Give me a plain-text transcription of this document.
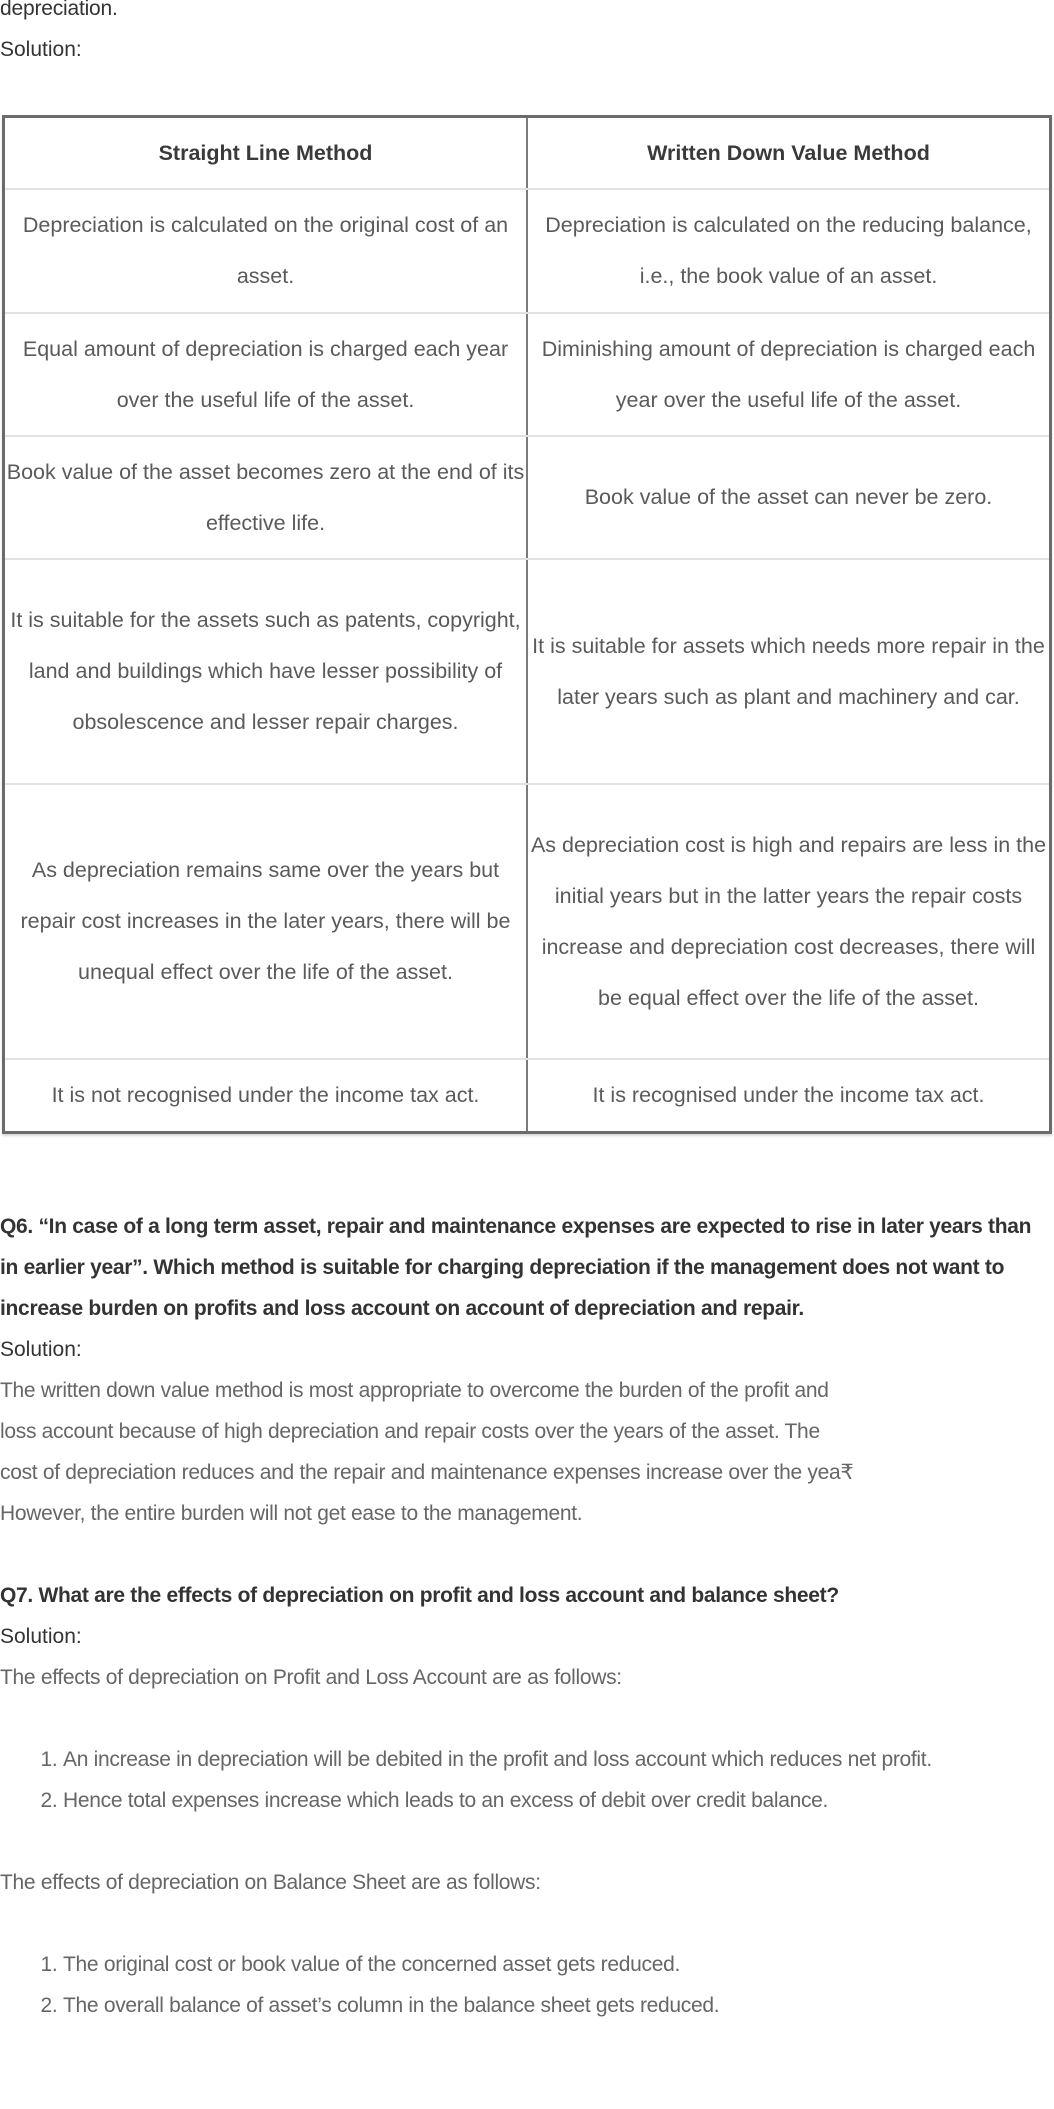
depreciation.

Solution:

Straight Line Method	Written Down Value Method
Depreciation is calculated on the original cost of an asset.	Depreciation is calculated on the reducing balance, i.e., the book value of an asset.
Equal amount of depreciation is charged each year over the useful life of the asset.	Diminishing amount of depreciation is charged each year over the useful life of the asset.
Book value of the asset becomes zero at the end of its effective life.	Book value of the asset can never be zero.
It is suitable for the assets such as patents, copyright, land and buildings which have lesser possibility of obsolescence and lesser repair charges.	It is suitable for assets which needs more repair in the later years such as plant and machinery and car.
As depreciation remains same over the years but repair cost increases in the later years, there will be unequal effect over the life of the asset.	As depreciation cost is high and repairs are less in the initial years but in the latter years the repair costs increase and depreciation cost decreases, there will be equal effect over the life of the asset.
It is not recognised under the income tax act.	It is recognised under the income tax act.

Q6. “In case of a long term asset, repair and maintenance expenses are expected to rise in later years than in earlier year”. Which method is suitable for charging depreciation if the management does not want to increase burden on profits and loss account on account of depreciation and repair.

Solution:

The written down value method is most appropriate to overcome the burden of the profit and

loss account because of high depreciation and repair costs over the years of the asset. The

cost of depreciation reduces and the repair and maintenance expenses increase over the yea₹

However, the entire burden will not get ease to the management.

Q7. What are the effects of depreciation on profit and loss account and balance sheet?

Solution:

The effects of depreciation on Profit and Loss Account are as follows:

1. An increase in depreciation will be debited in the profit and loss account which reduces net profit.
2. Hence total expenses increase which leads to an excess of debit over credit balance.

The effects of depreciation on Balance Sheet are as follows:

1. The original cost or book value of the concerned asset gets reduced.
2. The overall balance of asset’s column in the balance sheet gets reduced.
